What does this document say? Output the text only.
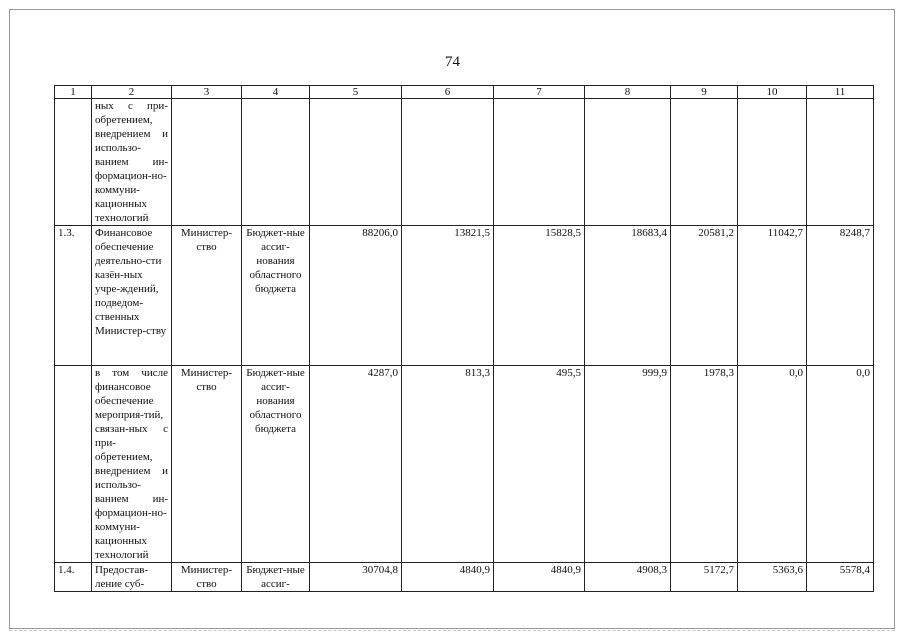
74
1	2	3	4	5	6	7	8	9	10	11
	ных с при-обретением, внедрением и использо-ванием ин-формацион-но-коммуни-кационных технологий									
1.3.	Финансовое обеспечение деятельно-сти казён-ных учре-ждений, подведом-ственных Министер-ству	Министер-ство	Бюджет-ные ассиг-нования областного бюджета	88206,0	13821,5	15828,5	18683,4	20581,2	11042,7	8248,7
	в том числе финансовое обеспечение мероприя-тий, связан-ных с при-обретением, внедрением и использо-ванием ин-формацион-но-коммуни-кационных технологий	Министер-ство	Бюджет-ные ассиг-нования областного бюджета	4287,0	813,3	495,5	999,9	1978,3	0,0	0,0
1.4.	Предостав-ление суб-	Министер-ство	Бюджет-ные ассиг-	30704,8	4840,9	4840,9	4908,3	5172,7	5363,6	5578,4
